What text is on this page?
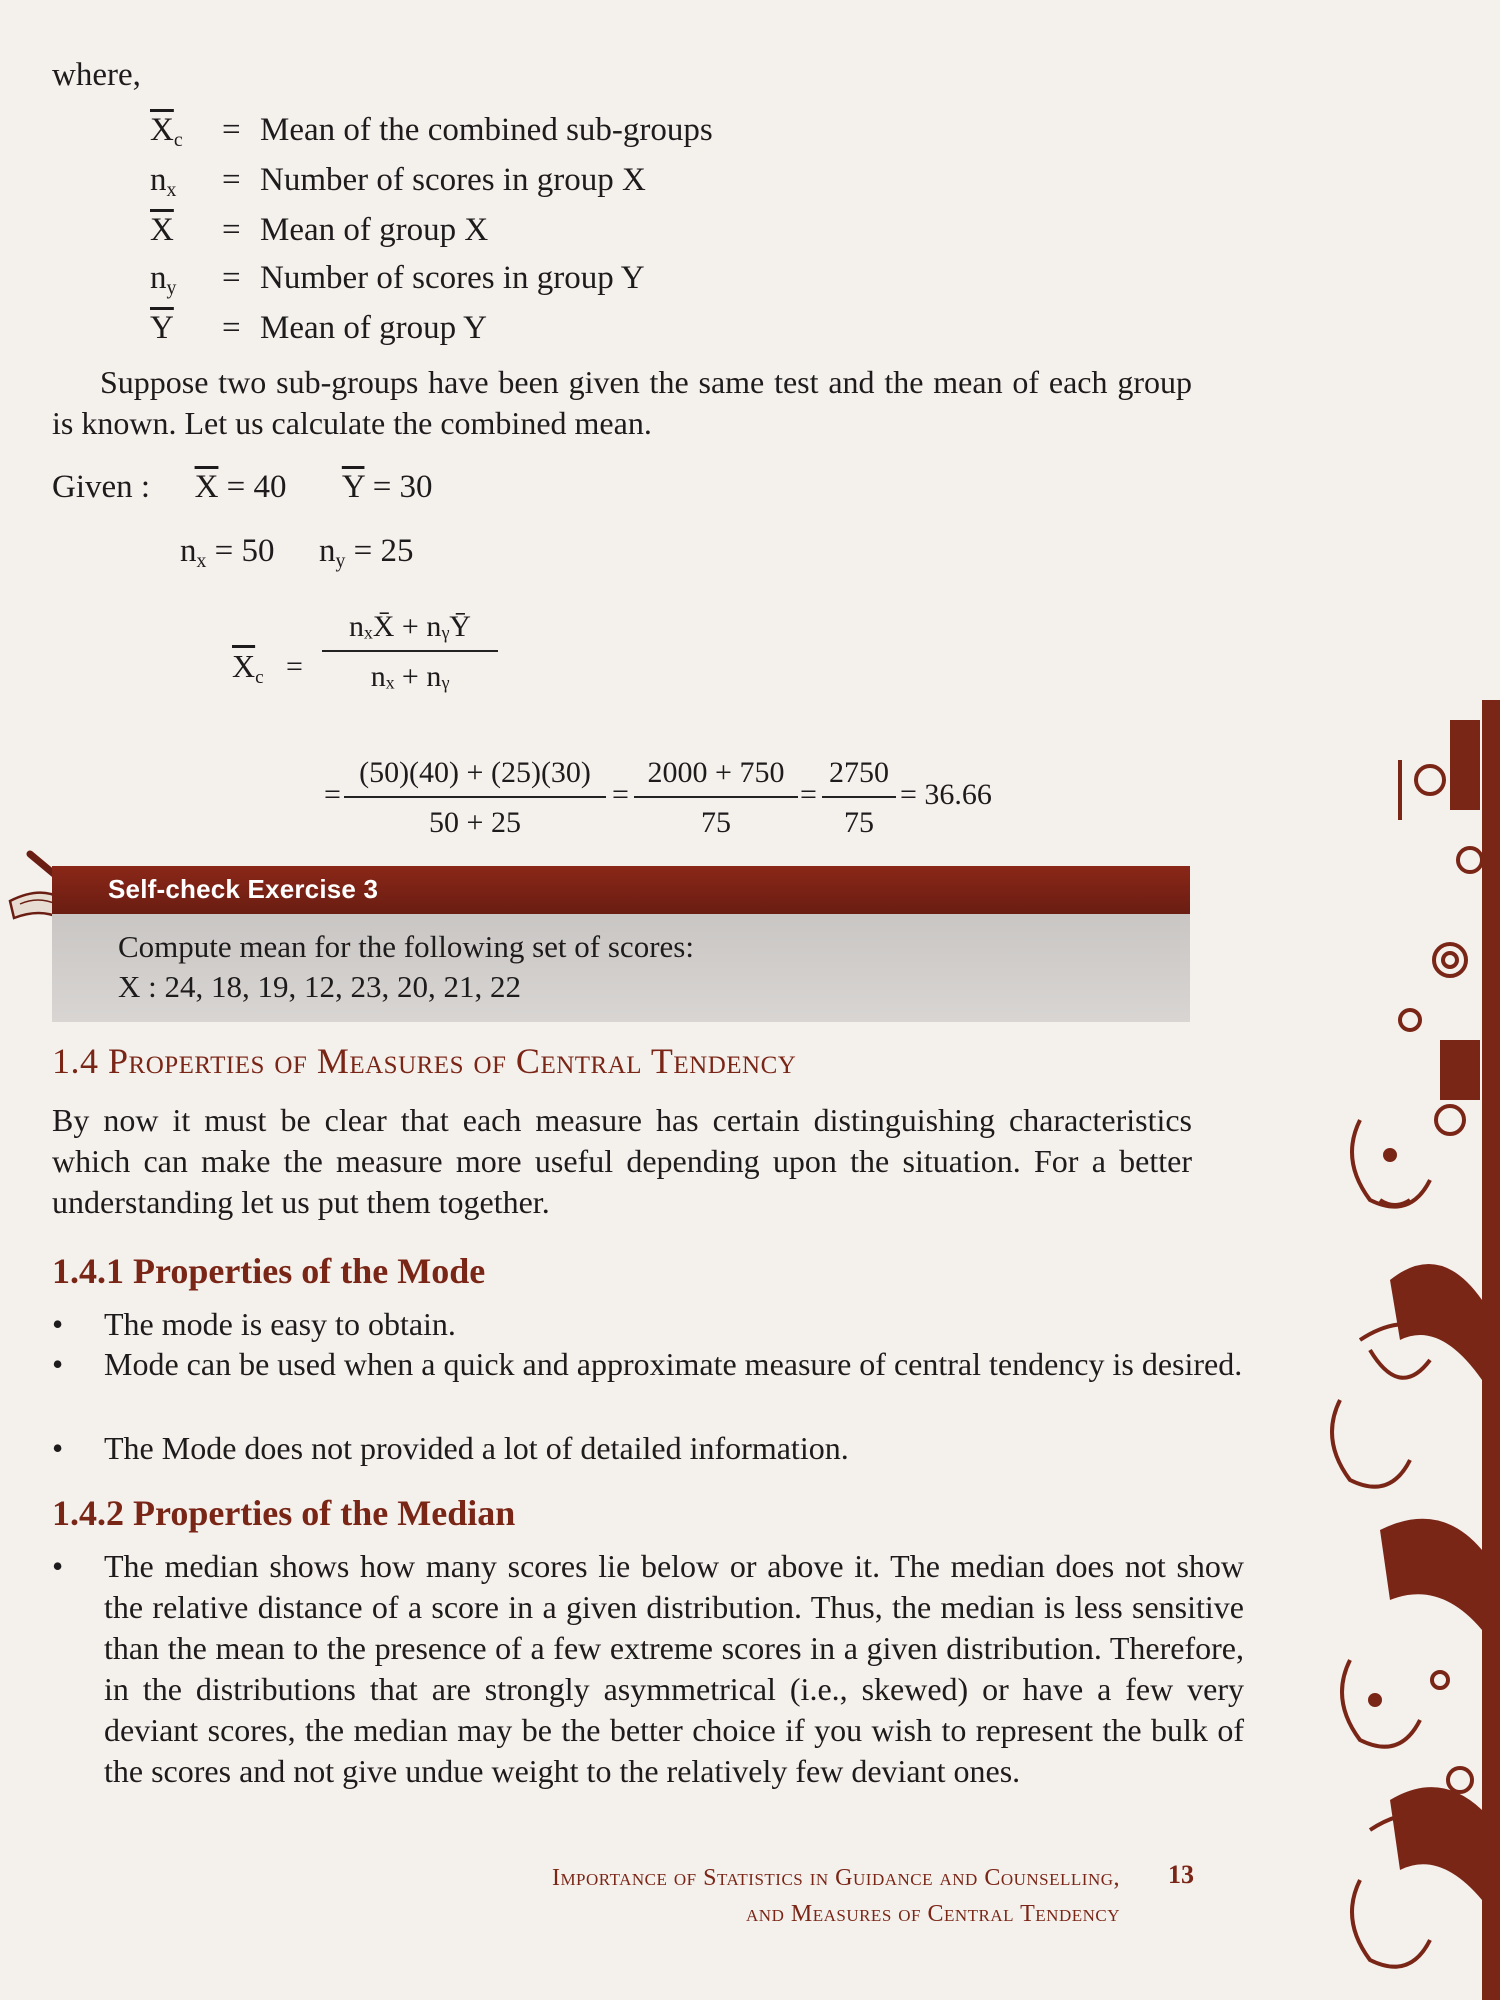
where,
$\overline{X}_c$ = Mean of the combined sub-groups
$n_x$ = Number of scores in group X
$\overline{X}$ = Mean of group X
$n_y$ = Number of scores in group Y
$\overline{Y}$ = Mean of group Y
Suppose two sub-groups have been given the same test and the mean of each group is known. Let us calculate the combined mean.
Given : $\overline{X} = 40$ $\overline{Y} = 30$
$n_x = 50$ $n_y = 25$
$\overline{X}_c$ =
nₓX̄ + nᵧȲ
nₓ + nᵧ
= $\frac{(50)(40) + (25)(30)}{50 + 25} = \frac{2000 + 750}{75} = \frac{2750}{75} = 36.66$
Self-check Exercise 3
Compute mean for the following set of scores:
X : 24, 18, 19, 12, 23, 20, 21, 22
1.4 Properties of Measures of Central Tendency
By now it must be clear that each measure has certain distinguishing characteristics which can make the measure more useful depending upon the situation. For a better understanding let us put them together.
1.4.1 Properties of the Mode
•	The mode is easy to obtain.
•	Mode can be used when a quick and approximate measure of central tendency is desired.
•	The Mode does not provided a lot of detailed information.
1.4.2 Properties of the Median
•	The median shows how many scores lie below or above it. The median does not show the relative distance of a score in a given distribution. Thus, the median is less sensitive than the mean to the presence of a few extreme scores in a given distribution. Therefore, in the distributions that are strongly asymmetrical (i.e., skewed) or have a few very deviant scores, the median may be the better choice if you wish to represent the bulk of the scores and not give undue weight to the relatively few deviant ones.
Importance of Statistics in Guidance and Counselling,
and Measures of Central Tendency
13
